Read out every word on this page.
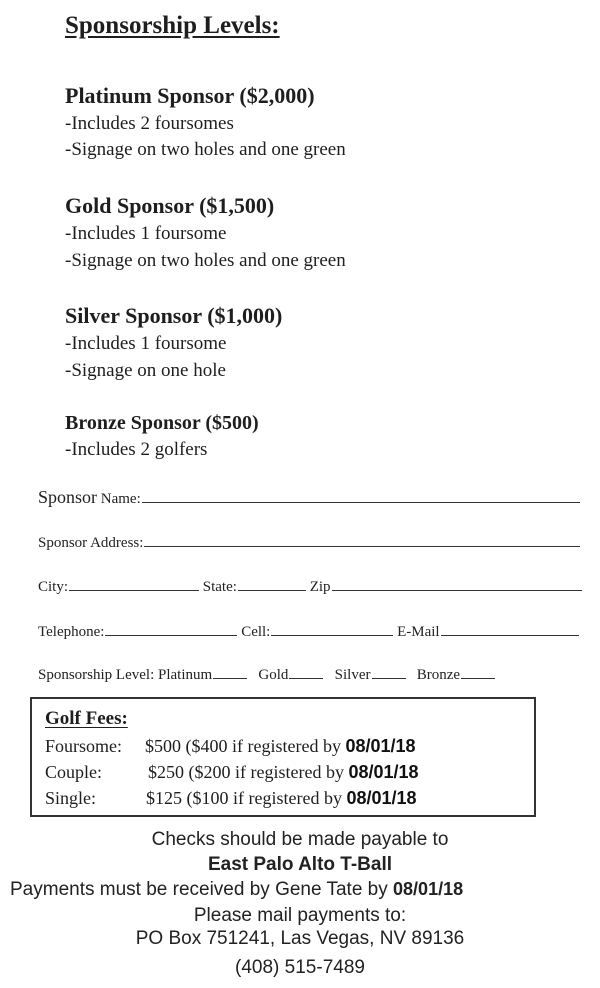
Sponsorship Levels:
Platinum Sponsor ($2,000)
-Includes 2 foursomes
-Signage on two holes and one green
Gold Sponsor ($1,500)
-Includes 1 foursome
-Signage on two holes and one green
Silver Sponsor ($1,000)
-Includes 1 foursome
-Signage on one hole
Bronze Sponsor ($500)
-Includes 2 golfers
Sponsor Name:
Sponsor Address:
City:	State:	Zip
Telephone:	Cell:	E-Mail
Sponsorship Level: Platinum	Gold	Silver	Bronze
Golf Fees:
Foursome: $500 ($400 if registered by 08/01/18
Couple:	$250 ($200 if registered by 08/01/18
Single:	$125 ($100 if registered by 08/01/18
Checks should be made payable to
East Palo Alto T-Ball
Payments must be received by Gene Tate by 08/01/18
Please mail payments to:
PO Box 751241, Las Vegas, NV 89136
(408) 515-7489
